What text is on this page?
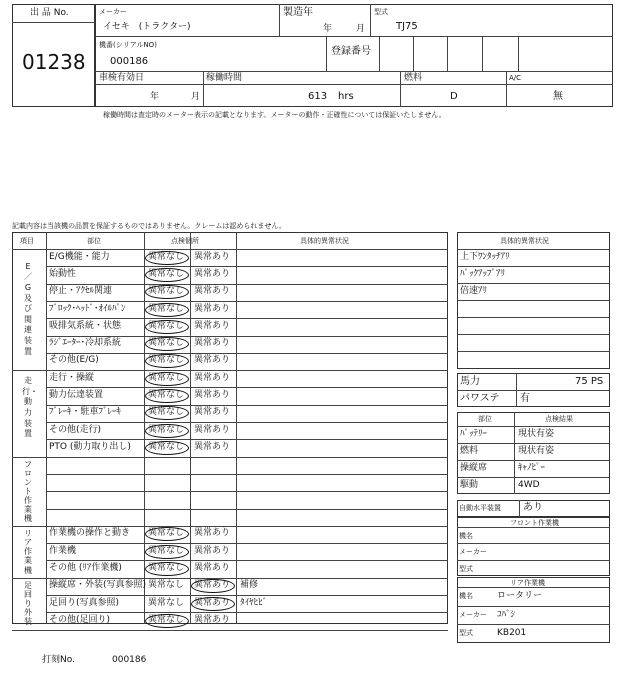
出 品 No.
01238
メーカー
イセキ　(トラクター)
製造年
年	月
型式
TJ75
機番(シリアルNO)
000186
登録番号
車検有効日
年	月
稼働時間
613 hrs
燃料
D
A/C
無
稼働時間は査定時のメーター表示の記載となります。メーターの動作・正確性については保証いたしません。
記載内容は当該機の品質を保証するものではありません。クレームは認められません。
項目	部位	点検個所	具体的異常状況
E/G機能・能力	異常なし 異常あり
始動性	異常なし 異常あり
停止・ｱｸｾﾙ関連	異常なし 異常あり
ﾌﾞﾛｯｸ･ﾍｯﾄﾞ･ｵｲﾙﾊﾟﾝ 異常なし 異常あり
吸排気系統・状態	異常なし 異常あり
ﾗｼﾞｴｰﾀｰ･冷却系統	異常なし 異常あり
その他(E/G)	異常なし 異常あり
E／G及び関連装置
走行・操縦	異常なし 異常あり
動力伝達装置	異常なし 異常あり
ﾌﾞﾚｰｷ・駐車ﾌﾞﾚｰｷ	異常なし 異常あり
その他(走行)	異常なし 異常あり
PTO (動力取り出し) 異常なし 異常あり
走行・動力装置
フロント作業機
作業機の操作と動き 異常なし 異常あり
作業機	異常なし 異常あり
その他 (ﾘｱ作業機)	異常なし 異常あり
リア作業機
操縦席・外装(写真参照) 異常なし 異常あり 補修
足回り(写真参照)	異常なし 異常あり ﾀｲﾔﾋﾋﾞ
その他(足回り)	異常なし 異常あり
足回り外装
具体的異常状況
上下ﾜﾝﾀｯﾁｱﾘ
ﾊﾞｯｸｱｯﾌﾟｱﾘ
倍速ｱﾘ
馬力	75 PS
パワステ 有
部位	点検結果
ﾊﾞｯﾃﾘｰ	現状有姿
燃料	現状有姿
操縦席	ｷｬﾉﾋﾟｰ
駆動	4WD
自動水平装置 あり
フロント作業機
機名
メーカー
型式
リア作業機
機名	ロータリー
メーカー ｺﾊﾞｼ
型式	KB201
打刻No.	000186
